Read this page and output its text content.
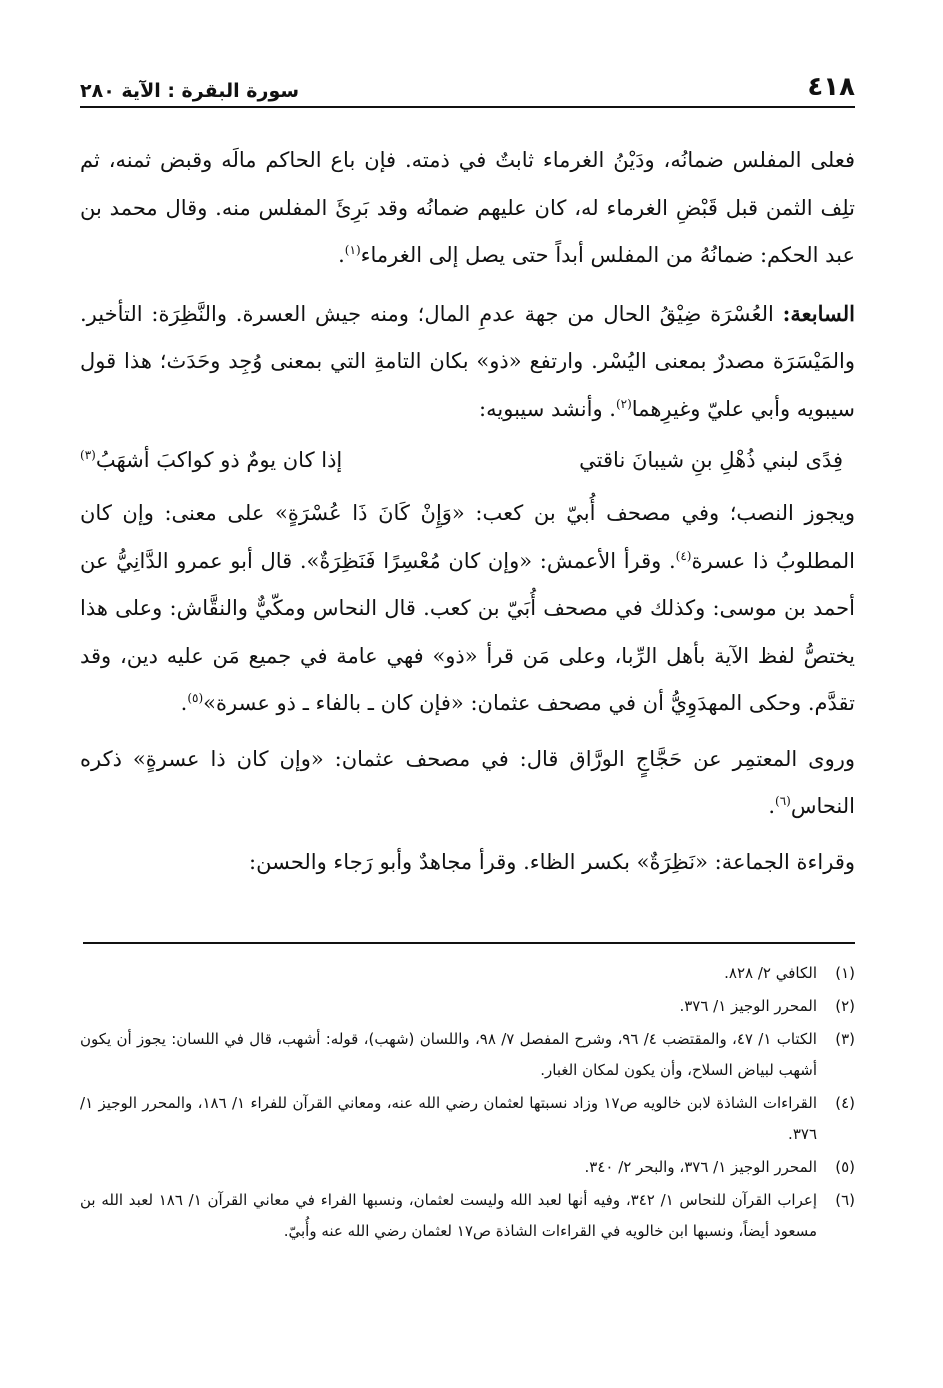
٤١٨
سورة البقرة : الآية ٢٨٠

فعلى المفلس ضمانُه، ودَيْنُ الغرماء ثابتٌ في ذمته. فإن باع الحاكم مالَه وقبض ثمنه، ثم تلِف الثمن قبل قَبْضِ الغرماء له، كان عليهم ضمانُه وقد بَرِئَ المفلس منه. وقال محمد بن عبد الحكم: ضمانُهُ من المفلس أبداً حتى يصل إلى الغرماء$^{(١)}$.

السابعة: العُسْرَة ضِيْقُ الحال من جهة عدمِ المال؛ ومنه جيش العسرة. والنَّظِرَة: التأخير. والمَيْسَرَة مصدرٌ بمعنى اليُسْر. وارتفع «ذو» بكان التامةِ التي بمعنى وُجِد وحَدَث؛ هذا قول سيبويه وأبي عليّ وغيرِهما$^{(٢)}$. وأنشد سيبويه:

فِدًى لبني ذُهْلِ بنِ شيبانَ ناقتي
إذا كان يومٌ ذو كواكبَ أشهَبُ$^{(٣)}$

ويجوز النصب؛ وفي مصحف أُبيّ بن كعب: «وَإِنْ كَانَ ذَا عُسْرَةٍ» على معنى: وإن كان المطلوبُ ذا عسرة$^{(٤)}$. وقرأ الأعمش: «وإن كان مُعْسِرًا فَنَظِرَةٌ». قال أبو عمرو الدَّانِيُّ عن أحمد بن موسى: وكذلك في مصحف أُبَيّ بن كعب. قال النحاس ومكّيٌّ والنقَّاش: وعلى هذا يختصُّ لفظ الآية بأهل الرِّبا، وعلى مَن قرأ «ذو» فهي عامة في جميع مَن عليه دين، وقد تقدَّم. وحكى المهدَوِيُّ أن في مصحف عثمان: «فإن كان ـ بالفاء ـ ذو عسرة»$^{(٥)}$.

وروى المعتمِر عن حَجَّاجٍ الورَّاق قال: في مصحف عثمان: «وإن كان ذا عسرةٍ» ذكره النحاس$^{(٦)}$.

وقراءة الجماعة: «نَظِرَةٌ» بكسر الظاء. وقرأ مجاهدٌ وأبو رَجاء والحسن:

(١)
الكافي ٢/ ٨٢٨.
(٢)
المحرر الوجيز ١/ ٣٧٦.
(٣)
الكتاب ١/ ٤٧، والمقتضب ٤/ ٩٦، وشرح المفصل ٧/ ٩٨، واللسان (شهب)، قوله: أشهب، قال في اللسان: يجوز أن يكون أشهب لبياض السلاح، وأن يكون لمكان الغبار.
(٤)
القراءات الشاذة لابن خالويه ص١٧ وزاد نسبتها لعثمان رضي الله عنه، ومعاني القرآن للفراء ١/ ١٨٦، والمحرر الوجيز ١/ ٣٧٦.
(٥)
المحرر الوجيز ١/ ٣٧٦، والبحر ٢/ ٣٤٠.
(٦)
إعراب القرآن للنحاس ١/ ٣٤٢، وفيه أنها لعبد الله وليست لعثمان، ونسبها الفراء في معاني القرآن ١/ ١٨٦ لعبد الله بن مسعود أيضاً، ونسبها ابن خالويه في القراءات الشاذة ص١٧ لعثمان رضي الله عنه وأُبيّ.
